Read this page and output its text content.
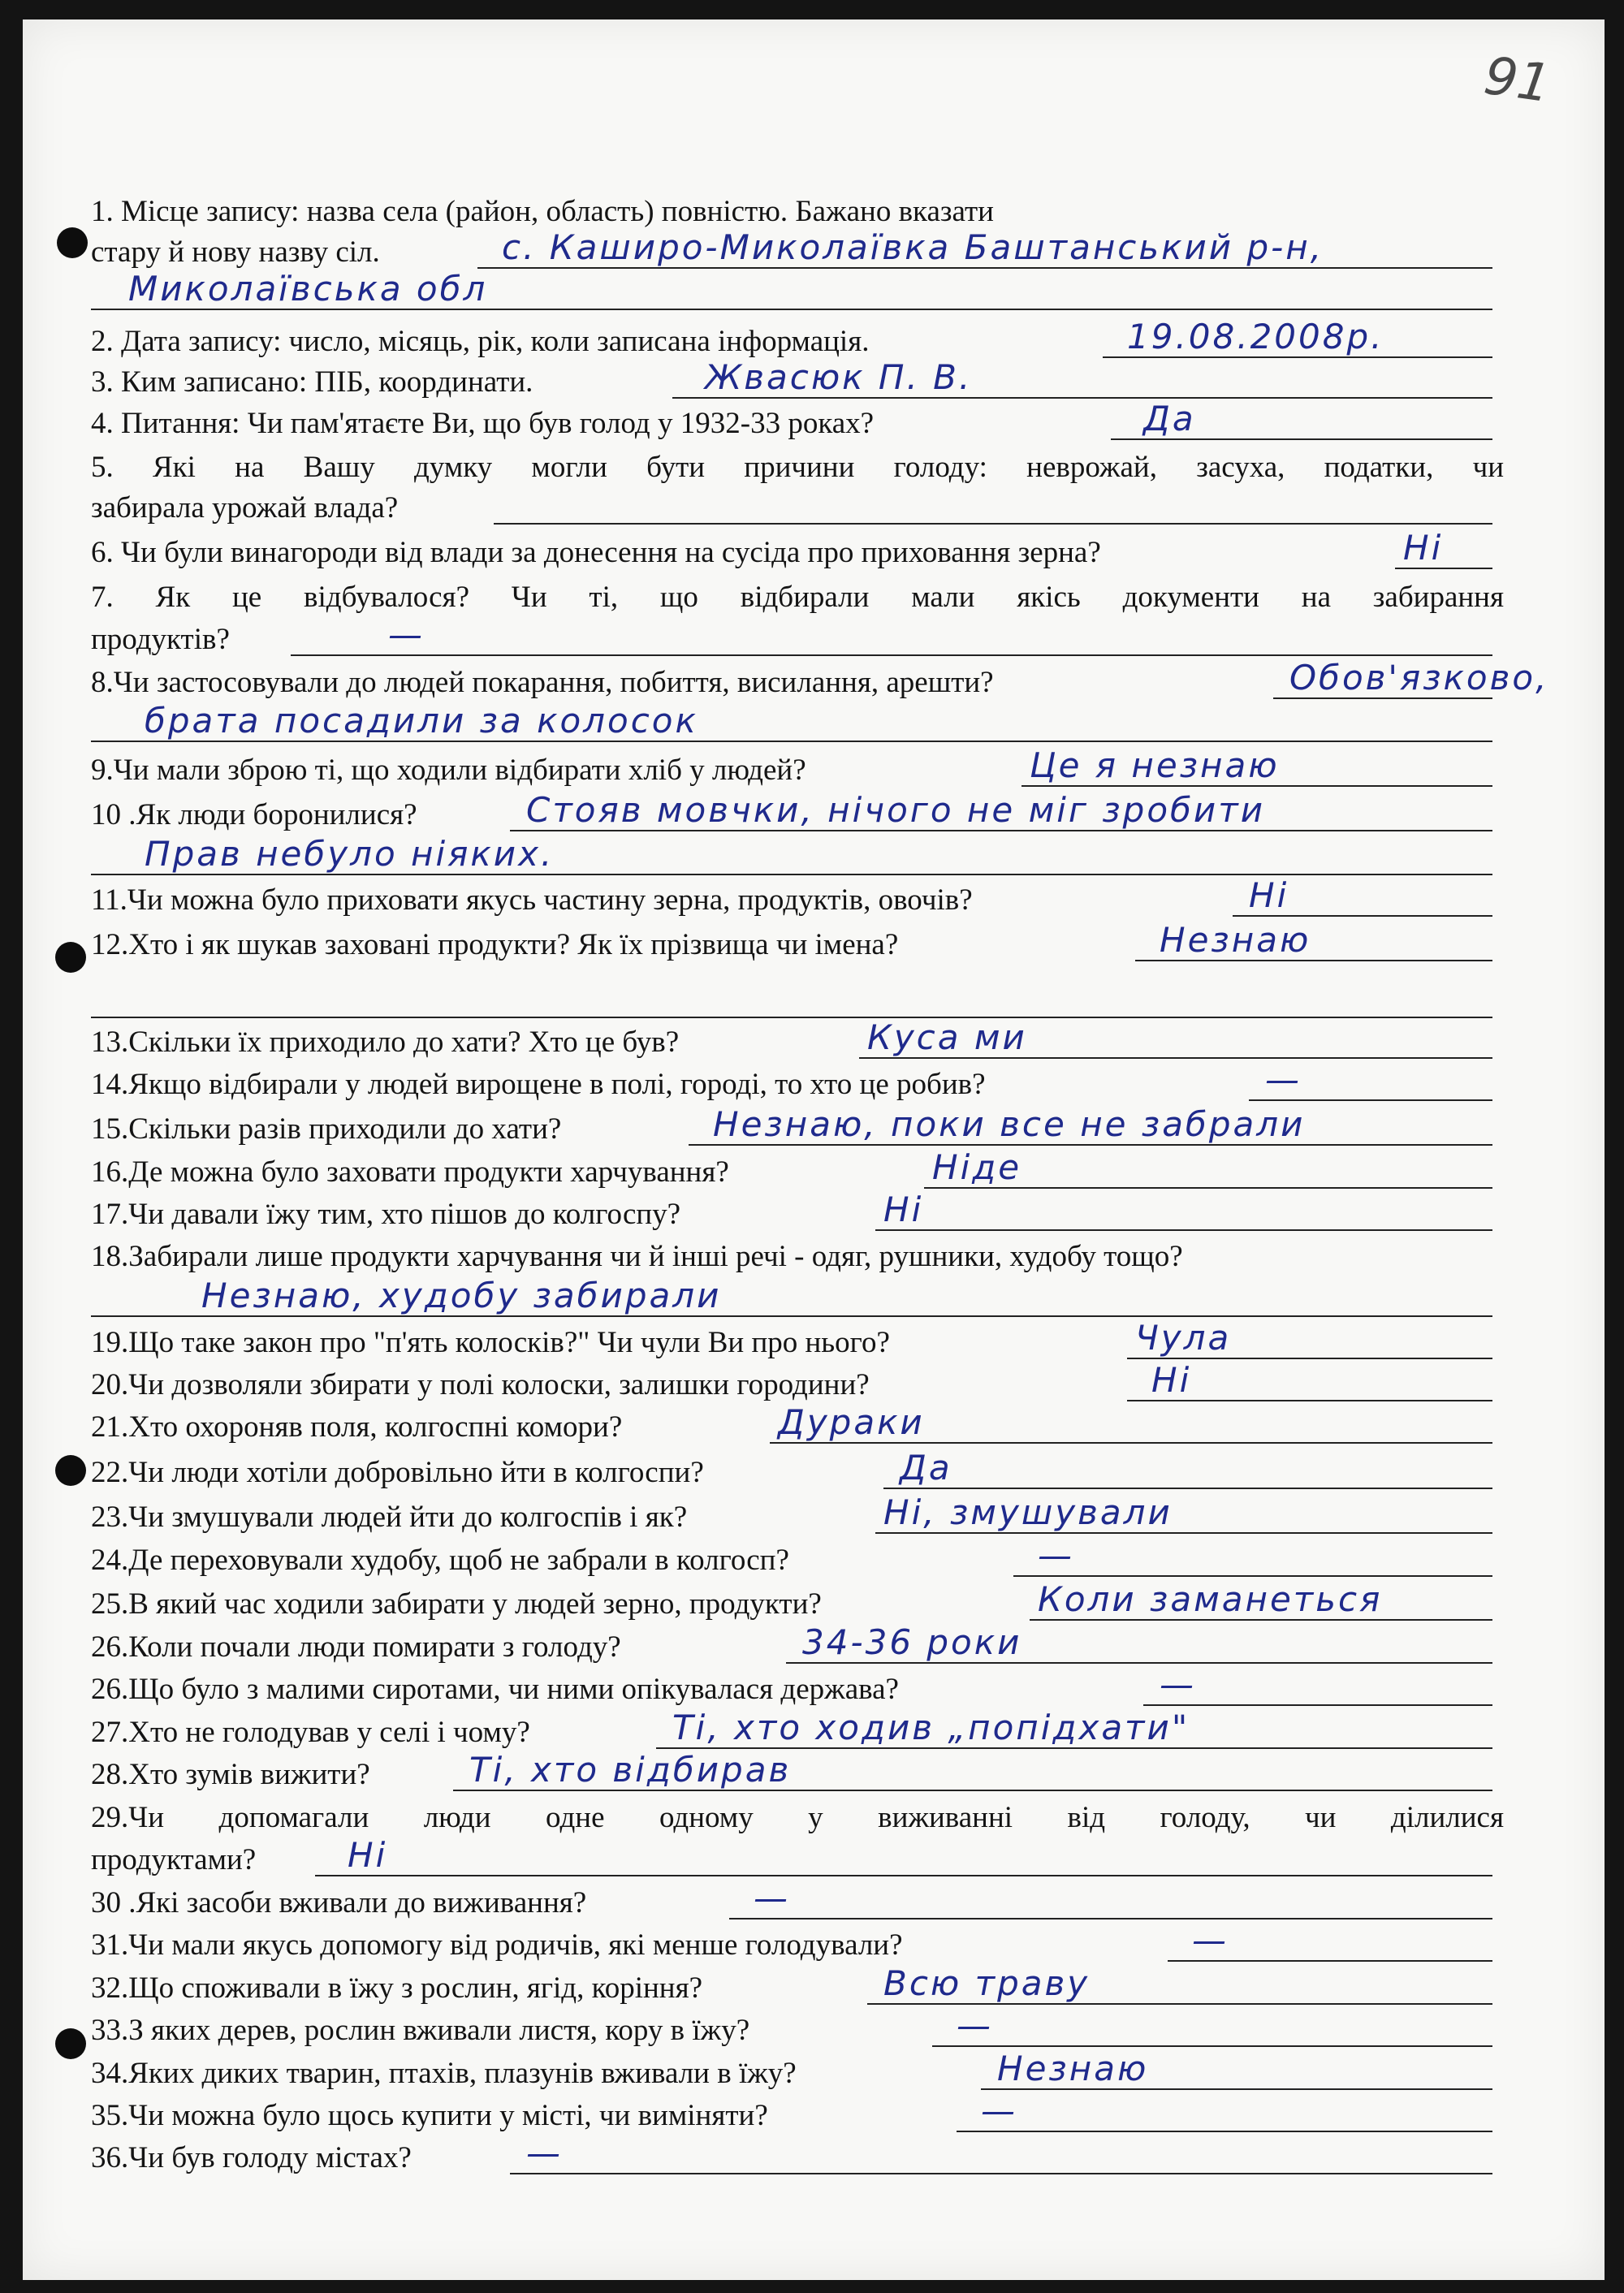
91
1. Місце запису: назва села (район, область) повністю. Бажано вказати
стару й нову назву сіл.	с. Каширо-Миколаївка Баштанський р-н,
Миколаївська обл
2. Дата запису: число, місяць, рік, коли записана інформація.	19.08.2008р.
3. Ким записано: ПІБ, координати.	Жвасюк П. В.
4. Питання: Чи пам'ятаєте Ви, що був голод у 1932-33 роках?	Да
5. Які на Вашу думку могли бути причини голоду: неврожай, засуха, податки, чи
забирала урожай влада?
6. Чи були винагороди від влади за донесення на сусіда про приховання зерна?	Ні
7. Як це відбувалося? Чи ті, що відбирали мали якісь документи на забирання
продуктів?	—
8.Чи застосовували до людей покарання, побиття, висилання, арешти?	Обов'язково,
брата посадили за колосок
9.Чи мали зброю ті, що ходили відбирати хліб у людей?	Це я незнаю
10 .Як люди боронилися?	Стояв мовчки, нічого не міг зробити
Прав небуло ніяких.
11.Чи можна було приховати якусь частину зерна, продуктів, овочів?	Ні
12.Хто і як шукав заховані продукти? Як їх прізвища чи імена?	Незнаю
13.Скільки їх приходило до хати? Хто це був?	Куса ми
14.Якщо відбирали у людей вирощене в полі, городі, то хто це робив?	—
15.Скільки разів приходили до хати?	Незнаю, поки все не забрали
16.Де можна було заховати продукти харчування?	Ніде
17.Чи давали їжу тим, хто пішов до колгоспу?	Ні
18.Забирали лише продукти харчування чи й інші речі - одяг, рушники, худобу тощо?
Незнаю, худобу забирали
19.Що таке закон про "п'ять колосків?" Чи чули Ви про нього?	Чула
20.Чи дозволяли збирати у полі колоски, залишки городини?	Ні
21.Хто охороняв поля, колгоспні комори?	Дураки
22.Чи люди хотіли добровільно йти в колгоспи?	Да
23.Чи змушували людей йти до колгоспів і як?	Ні, змушували
24.Де переховували худобу, щоб не забрали в колгосп?	—
25.В який час ходили забирати у людей зерно, продукти?	Коли заманеться
26.Коли почали люди помирати з голоду?	34-36 роки
26.Що було з малими сиротами, чи ними опікувалася держава?	—
27.Хто не голодував у селі і чому?	Ті, хто ходив „попідхати"
28.Хто зумів вижити?	Ті, хто відбирав
29.Чи допомагали люди одне одному у виживанні від голоду, чи ділилися
продуктами?	Ні
30 .Які засоби вживали до виживання?	—
31.Чи мали якусь допомогу від родичів, які менше голодували?	—
32.Що споживали в їжу з рослин, ягід, коріння?	Всю траву
33.З яких дерев, рослин вживали листя, кору в їжу?	—
34.Яких диких тварин, птахів, плазунів вживали в їжу?	Незнаю
35.Чи можна було щось купити у місті, чи виміняти?	—
36.Чи був голоду містах?	—
